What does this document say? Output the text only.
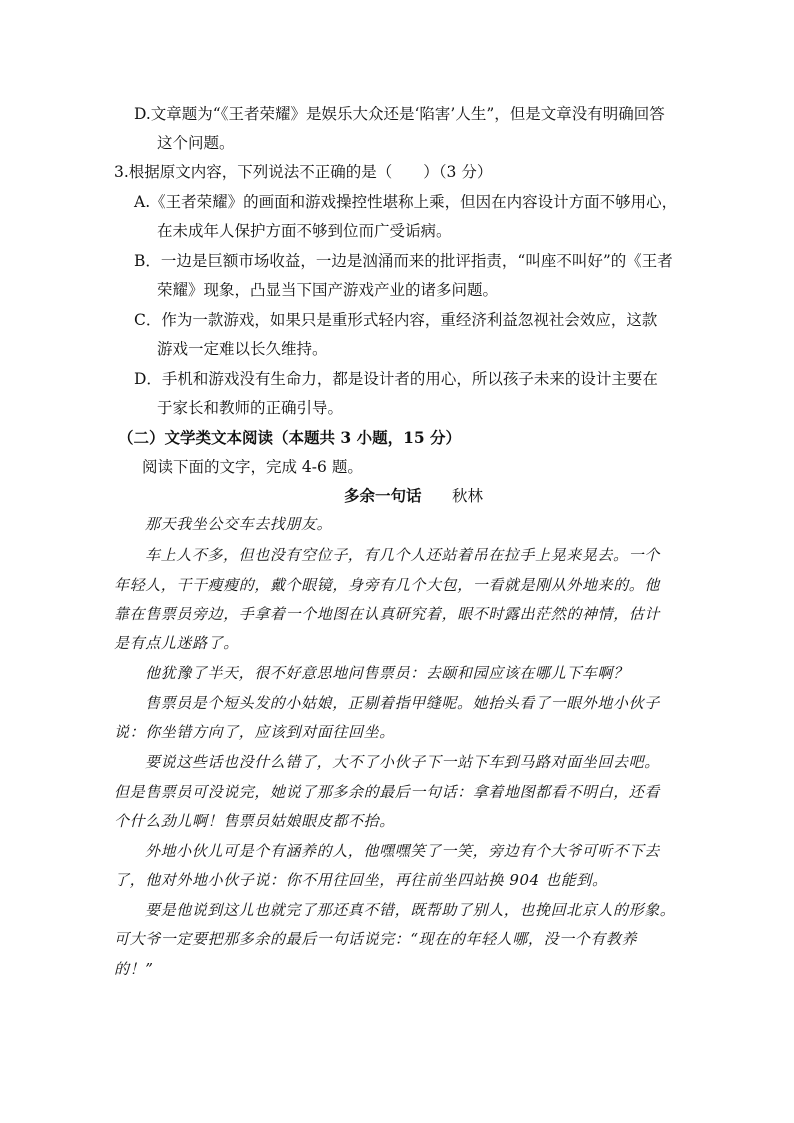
D.文章题为“《王者荣耀》是娱乐大众还是‘陷害’人生”，但是文章没有明确回答
这个问题。
3.根据原文内容，下列说法不正确的是（　　）（3 分）
A.《王者荣耀》的画面和游戏操控性堪称上乘，但因在内容设计方面不够用心，
在未成年人保护方面不够到位而广受诟病。
B．一边是巨额市场收益，一边是汹涌而来的批评指责，“叫座不叫好”的《王者
荣耀》现象，凸显当下国产游戏产业的诸多问题。
C．作为一款游戏，如果只是重形式轻内容，重经济利益忽视社会效应，这款
游戏一定难以长久维持。
D．手机和游戏没有生命力，都是设计者的用心，所以孩子未来的设计主要在
于家长和教师的正确引导。
（二）文学类文本阅读（本题共 3 小题，15 分）
阅读下面的文字，完成 4-6 题。
多余一句话 秋林
那天我坐公交车去找朋友。
车上人不多，但也没有空位子，有几个人还站着吊在拉手上晃来晃去。一个
年轻人，干干瘦瘦的，戴个眼镜，身旁有几个大包，一看就是刚从外地来的。他
靠在售票员旁边，手拿着一个地图在认真研究着，眼不时露出茫然的神情，估计
是有点儿迷路了。
他犹豫了半天，很不好意思地问售票员：去颐和园应该在哪儿下车啊？
售票员是个短头发的小姑娘，正剔着指甲缝呢。她抬头看了一眼外地小伙子
说：你坐错方向了，应该到对面往回坐。
要说这些话也没什么错了，大不了小伙子下一站下车到马路对面坐回去吧。
但是售票员可没说完，她说了那多余的最后一句话：拿着地图都看不明白，还看
个什么劲儿啊！售票员姑娘眼皮都不抬。
外地小伙儿可是个有涵养的人，他嘿嘿笑了一笑，旁边有个大爷可听不下去
了，他对外地小伙子说：你不用往回坐，再往前坐四站换 904 也能到。
要是他说到这儿也就完了那还真不错，既帮助了别人，也挽回北京人的形象。
可大爷一定要把那多余的最后一句话说完：“现在的年轻人哪，没一个有教养
的！”
